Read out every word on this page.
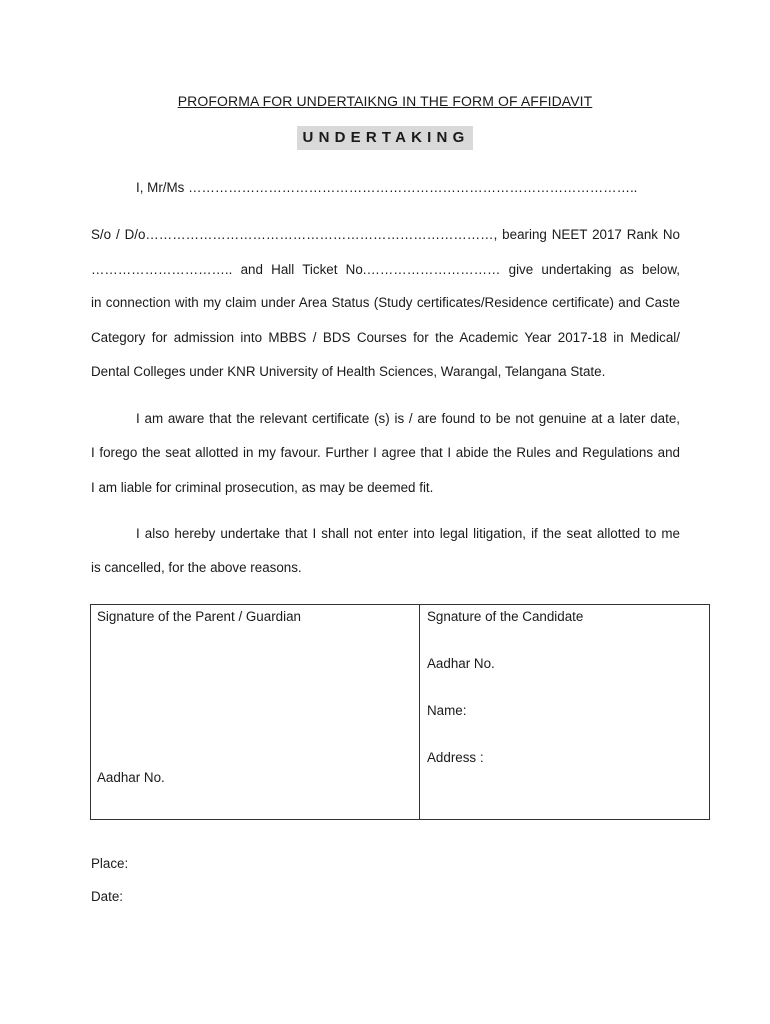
PROFORMA FOR UNDERTAIKNG IN THE FORM OF AFFIDAVIT
UNDERTAKING
I, Mr/Ms ………………………………………………………………………………………..
S/o / D/o……………………………………………………………………, bearing NEET 2017 Rank No
………………………….. and Hall Ticket No.………………………… give undertaking as below,
in connection with my claim under Area Status (Study certificates/Residence certificate) and Caste
Category for admission into MBBS / BDS Courses for the Academic Year 2017-18 in Medical/
Dental Colleges under KNR University of Health Sciences, Warangal, Telangana State.
I am aware that the relevant certificate (s) is / are found to be not genuine at a later date,
I forego the seat allotted in my favour. Further I agree that I abide the Rules and Regulations and
I am liable for criminal prosecution, as may be deemed fit.
I also hereby undertake that I shall not enter into legal litigation, if the seat allotted to me
is cancelled, for the above reasons.
Signature of the Parent / Guardian
Aadhar No.
Sgnature of the Candidate
Aadhar No.
Name:
Address :
Place:
Date:
